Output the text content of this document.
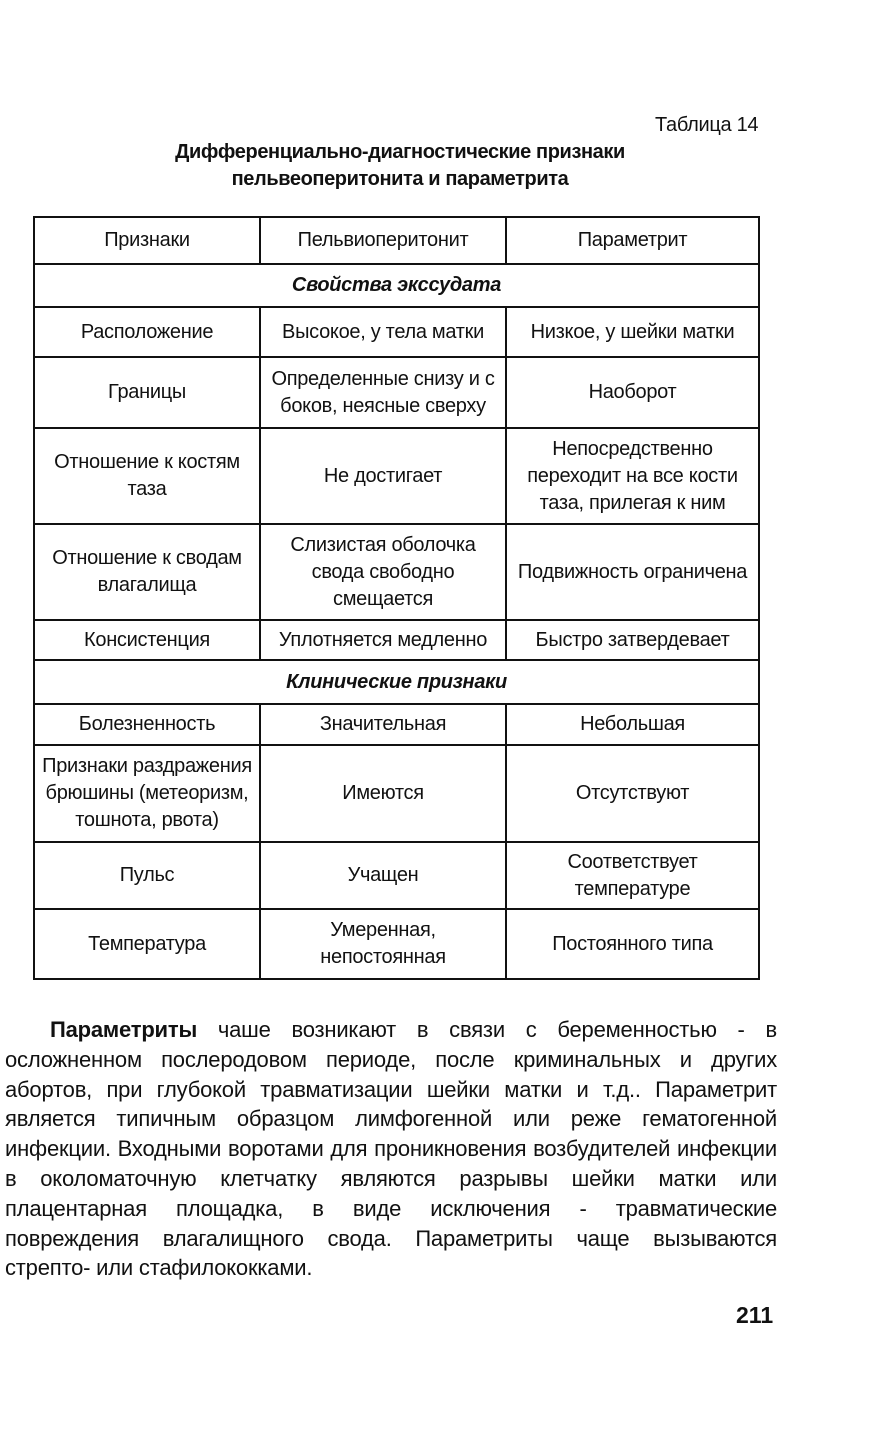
Таблица 14
Дифференциально-диагностические признаки
пельвеоперитонита и параметрита
Признаки	Пельвиоперитонит	Параметрит
Свойства экссудата		
Расположение	Высокое, у тела матки	Низкое, у шейки матки
Границы	Определенные снизу и с боков, неясные сверху	Наоборот
Отношение к костям таза	Не достигает	Непосредственно переходит на все кости таза, прилегая к ним
Отношение к сводам влагалища	Слизистая оболочка свода свободно смещается	Подвижность ограничена
Консистенция	Уплотняется медленно	Быстро затвердевает
Клинические признаки		
Болезненность	Значительная	Небольшая
Признаки раздражения брюшины (метеоризм, тошнота, рвота)	Имеются	Отсутствуют
Пульс	Учащен	Соответствует температуре
Температура	Умеренная, непостоянная	Постоянного типа

Параметриты чаше возникают в связи с беременностью - в осложненном послеродовом периоде, после криминальных и других абортов, при глубокой травматизации шейки матки и т.д.. Параметрит является типичным образцом лимфогенной или реже гематогенной инфекции. Входными воротами для проникновения возбудителей инфекции в околоматочную клетчатку являются разрывы шейки матки или плацентарная площадка, в виде исключения - травматические повреждения влагалищного свода. Параметриты чаще вызываются стрепто- или стафилококками.

211
